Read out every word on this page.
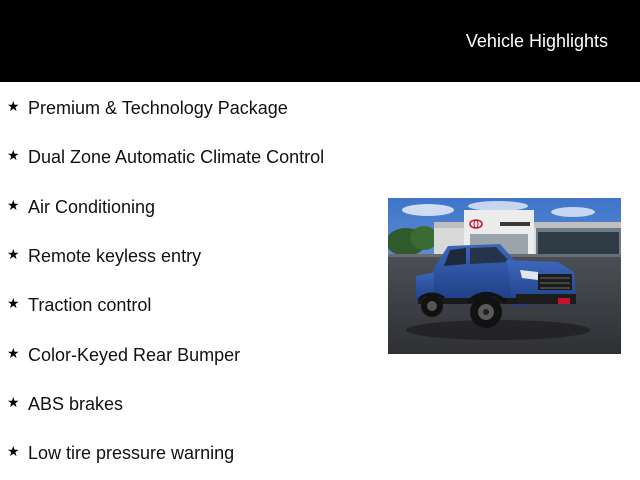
Vehicle Highlights
★ Premium & Technology Package
★ Dual Zone Automatic Climate Control
★ Air Conditioning
★ Remote keyless entry
★ Traction control
★ Color-Keyed Rear Bumper
★ ABS brakes
★ Low tire pressure warning
